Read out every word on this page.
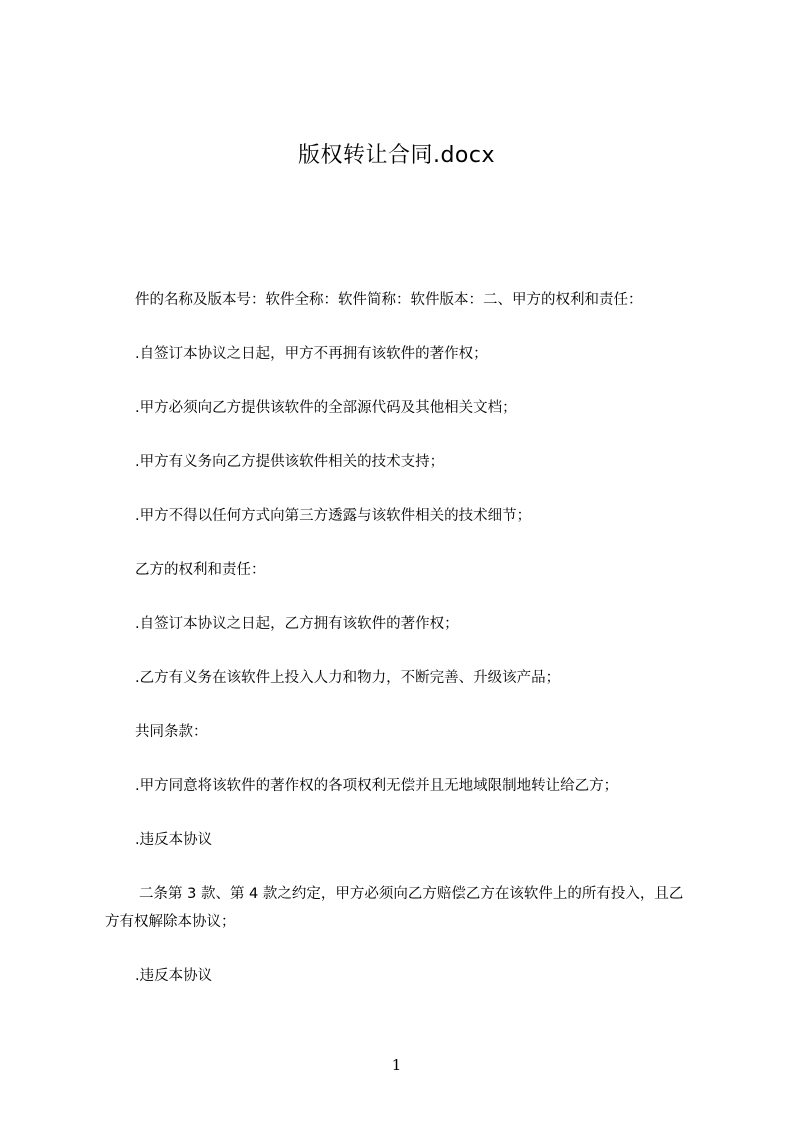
版权转让合同.docx

件的名称及版本号：软件全称：软件简称：软件版本：二、甲方的权利和责任：

.自签订本协议之日起，甲方不再拥有该软件的著作权；

.甲方必须向乙方提供该软件的全部源代码及其他相关文档；

.甲方有义务向乙方提供该软件相关的技术支持；

.甲方不得以任何方式向第三方透露与该软件相关的技术细节；

乙方的权利和责任：

.自签订本协议之日起，乙方拥有该软件的著作权；

.乙方有义务在该软件上投入人力和物力，不断完善、升级该产品；

共同条款：

.甲方同意将该软件的著作权的各项权利无偿并且无地域限制地转让给乙方；

.违反本协议

二条第 3 款、第 4 款之约定，甲方必须向乙方赔偿乙方在该软件上的所有投入，且乙方有权解除本协议；

.违反本协议

1
